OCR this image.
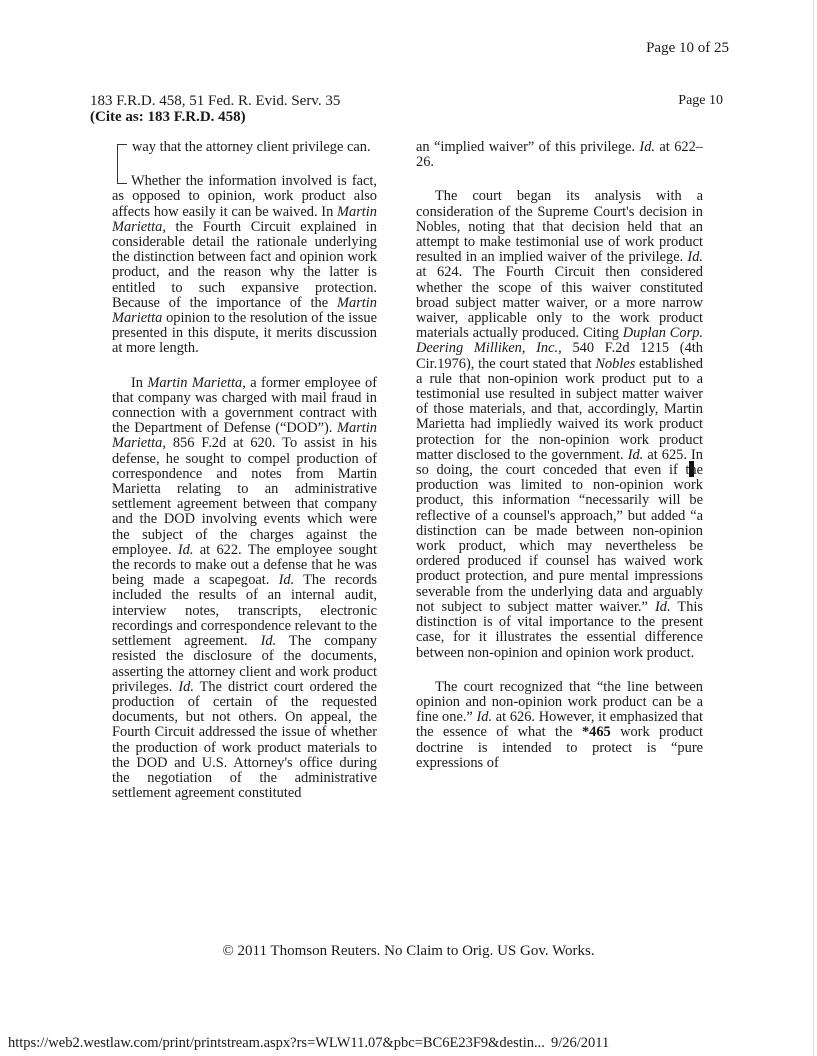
Page 10 of 25
Page 10
183 F.R.D. 458, 51 Fed. R. Evid. Serv. 35
(Cite as: 183 F.R.D. 458)

way that the attorney client privilege can.

Whether the information involved is fact, as opposed to opinion, work product also affects how easily it can be waived. In Martin Marietta, the Fourth Circuit explained in considerable detail the rationale underlying the distinction between fact and opinion work product, and the reason why the latter is entitled to such expansive protection. Because of the importance of the Martin Marietta opinion to the resolution of the issue presented in this dispute, it merits discussion at more length.

In Martin Marietta, a former employee of that company was charged with mail fraud in connection with a government contract with the Department of Defense (“DOD”). Martin Marietta, 856 F.2d at 620. To assist in his defense, he sought to compel production of correspondence and notes from Martin Marietta relating to an administrative settlement agreement between that company and the DOD involving events which were the subject of the charges against the employee. Id. at 622. The employee sought the records to make out a defense that he was being made a scapegoat. Id. The records included the results of an internal audit, interview notes, transcripts, electronic recordings and correspondence relevant to the settlement agreement. Id. The company resisted the disclosure of the documents, asserting the attorney client and work product privileges. Id. The district court ordered the production of certain of the requested documents, but not others. On appeal, the Fourth Circuit addressed the issue of whether the production of work product materials to the DOD and U.S. Attorney's office during the negotiation of the administrative settlement agreement constituted

an “implied waiver” of this privilege. Id. at 622–26.

The court began its analysis with a consideration of the Supreme Court's decision in Nobles, noting that that decision held that an attempt to make testimonial use of work product resulted in an implied waiver of the privilege. Id. at 624. The Fourth Circuit then considered whether the scope of this waiver constituted broad subject matter waiver, or a more narrow waiver, applicable only to the work product materials actually produced. Citing Duplan Corp. Deering Milliken, Inc., 540 F.2d 1215 (4th Cir.1976), the court stated that Nobles established a rule that non-opinion work product put to a testimonial use resulted in subject matter waiver of those materials, and that, accordingly, Martin Marietta had impliedly waived its work product protection for the non-opinion work product matter disclosed to the government. Id. at 625. In so doing, the court conceded that even if the production was limited to non-opinion work product, this information “necessarily will be reflective of a counsel's approach,” but added “a distinction can be made between non-opinion work product, which may nevertheless be ordered produced if counsel has waived work product protection, and pure mental impressions severable from the underlying data and arguably not subject to subject matter waiver.” Id. This distinction is of vital importance to the present case, for it illustrates the essential difference between non-opinion and opinion work product.

The court recognized that “the line between opinion and non-opinion work product can be a fine one.” Id. at 626. However, it emphasized that the essence of what the *465 work product doctrine is intended to protect is “pure expressions of

© 2011 Thomson Reuters. No Claim to Orig. US Gov. Works.
https://web2.westlaw.com/print/printstream.aspx?rs=WLW11.07&pbc=BC6E23F9&destin... 9/26/2011
